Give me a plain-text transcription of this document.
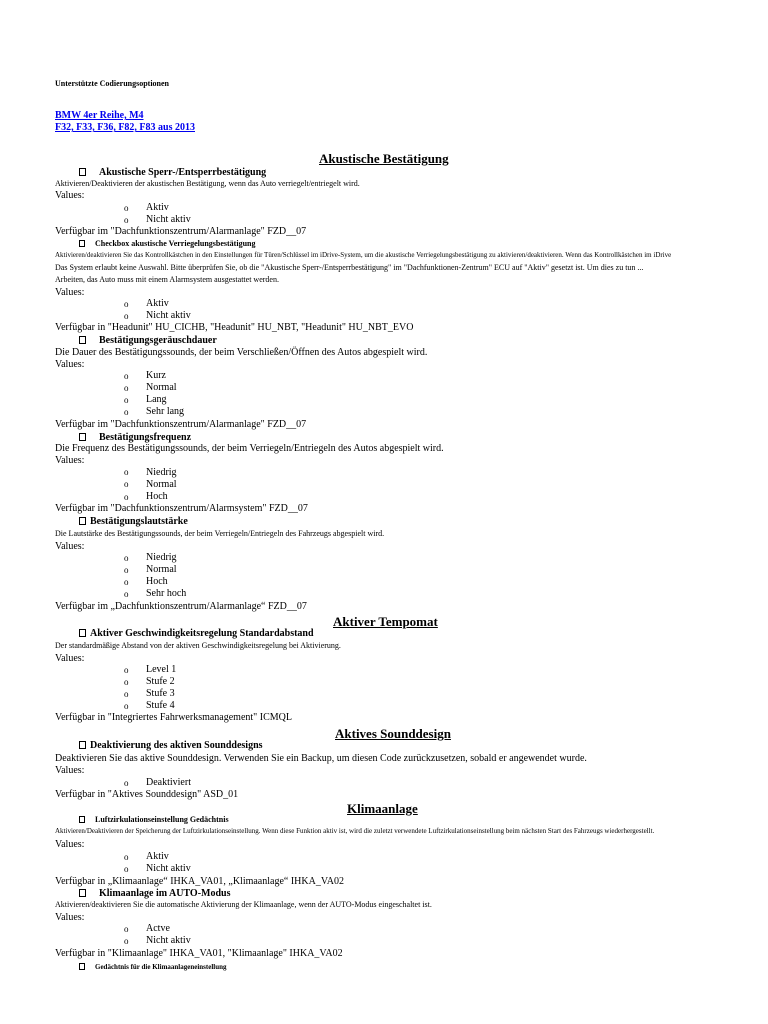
Unterstützte Codierungsoptionen
BMW 4er Reihe, M4
F32, F33, F36, F82, F83 aus 2013
Akustische Bestätigung
Akustische Sperr-/Entsperrbestätigung
Aktivieren/Deaktivieren der akustischen Bestätigung, wenn das Auto verriegelt/entriegelt wird.
Values:
o Aktiv
o Nicht aktiv
Verfügbar im "Dachfunktionszentrum/Alarmanlage" FZD__07
Checkbox akustische Verriegelungsbestätigung
Aktivieren/deaktivieren Sie das Kontrollkästchen in den Einstellungen für Türen/Schlüssel im iDrive-System, um die akustische Verriegelungsbestätigung zu aktivieren/deaktivieren. Wenn das Kontrollkästchen im iDrive
Das System erlaubt keine Auswahl. Bitte überprüfen Sie, ob die "Akustische Sperr-/Entsperrbestätigung" im "Dachfunktionen-Zentrum" ECU auf "Aktiv" gesetzt ist. Um dies zu tun ...
Arbeiten, das Auto muss mit einem Alarmsystem ausgestattet werden.
Values:
o Aktiv
o Nicht aktiv
Verfügbar in "Headunit" HU_CICHB, "Headunit" HU_NBT, "Headunit" HU_NBT_EVO
Bestätigungsgeräuschdauer
Die Dauer des Bestätigungssounds, der beim Verschließen/Öffnen des Autos abgespielt wird.
Values:
o Kurz
o Normal
o Lang
o Sehr lang
Verfügbar im "Dachfunktionszentrum/Alarmanlage" FZD__07
Bestätigungsfrequenz
Die Frequenz des Bestätigungssounds, der beim Verriegeln/Entriegeln des Autos abgespielt wird.
Values:
o Niedrig
o Normal
o Hoch
Verfügbar im "Dachfunktionszentrum/Alarmsystem" FZD__07
Bestätigungslautstärke
Die Lautstärke des Bestätigungssounds, der beim Verriegeln/Entriegeln des Fahrzeugs abgespielt wird.
Values:
o Niedrig
o Normal
o Hoch
o Sehr hoch
Verfügbar im „Dachfunktionszentrum/Alarmanlage“ FZD__07
Aktiver Tempomat
Aktiver Geschwindigkeitsregelung Standardabstand
Der standardmäßige Abstand von der aktiven Geschwindigkeitsregelung bei Aktivierung.
Values:
o Level 1
o Stufe 2
o Stufe 3
o Stufe 4
Verfügbar in "Integriertes Fahrwerksmanagement" ICMQL
Aktives Sounddesign
Deaktivierung des aktiven Sounddesigns
Deaktivieren Sie das aktive Sounddesign. Verwenden Sie ein Backup, um diesen Code zurückzusetzen, sobald er angewendet wurde.
Values:
o Deaktiviert
Verfügbar in "Aktives Sounddesign" ASD_01
Klimaanlage
Luftzirkulationseinstellung Gedächtnis
Aktivieren/Deaktivieren der Speicherung der Luftzirkulationseinstellung. Wenn diese Funktion aktiv ist, wird die zuletzt verwendete Luftzirkulationseinstellung beim nächsten Start des Fahrzeugs wiederhergestellt.
Values:
o Aktiv
o Nicht aktiv
Verfügbar in „Klimaanlage“ IHKA_VA01, „Klimaanlage“ IHKA_VA02
Klimaanlage im AUTO-Modus
Aktivieren/deaktivieren Sie die automatische Aktivierung der Klimaanlage, wenn der AUTO-Modus eingeschaltet ist.
Values:
o Actve
o Nicht aktiv
Verfügbar in "Klimaanlage" IHKA_VA01, "Klimaanlage" IHKA_VA02
Gedächtnis für die Klimaanlageneinstellung
